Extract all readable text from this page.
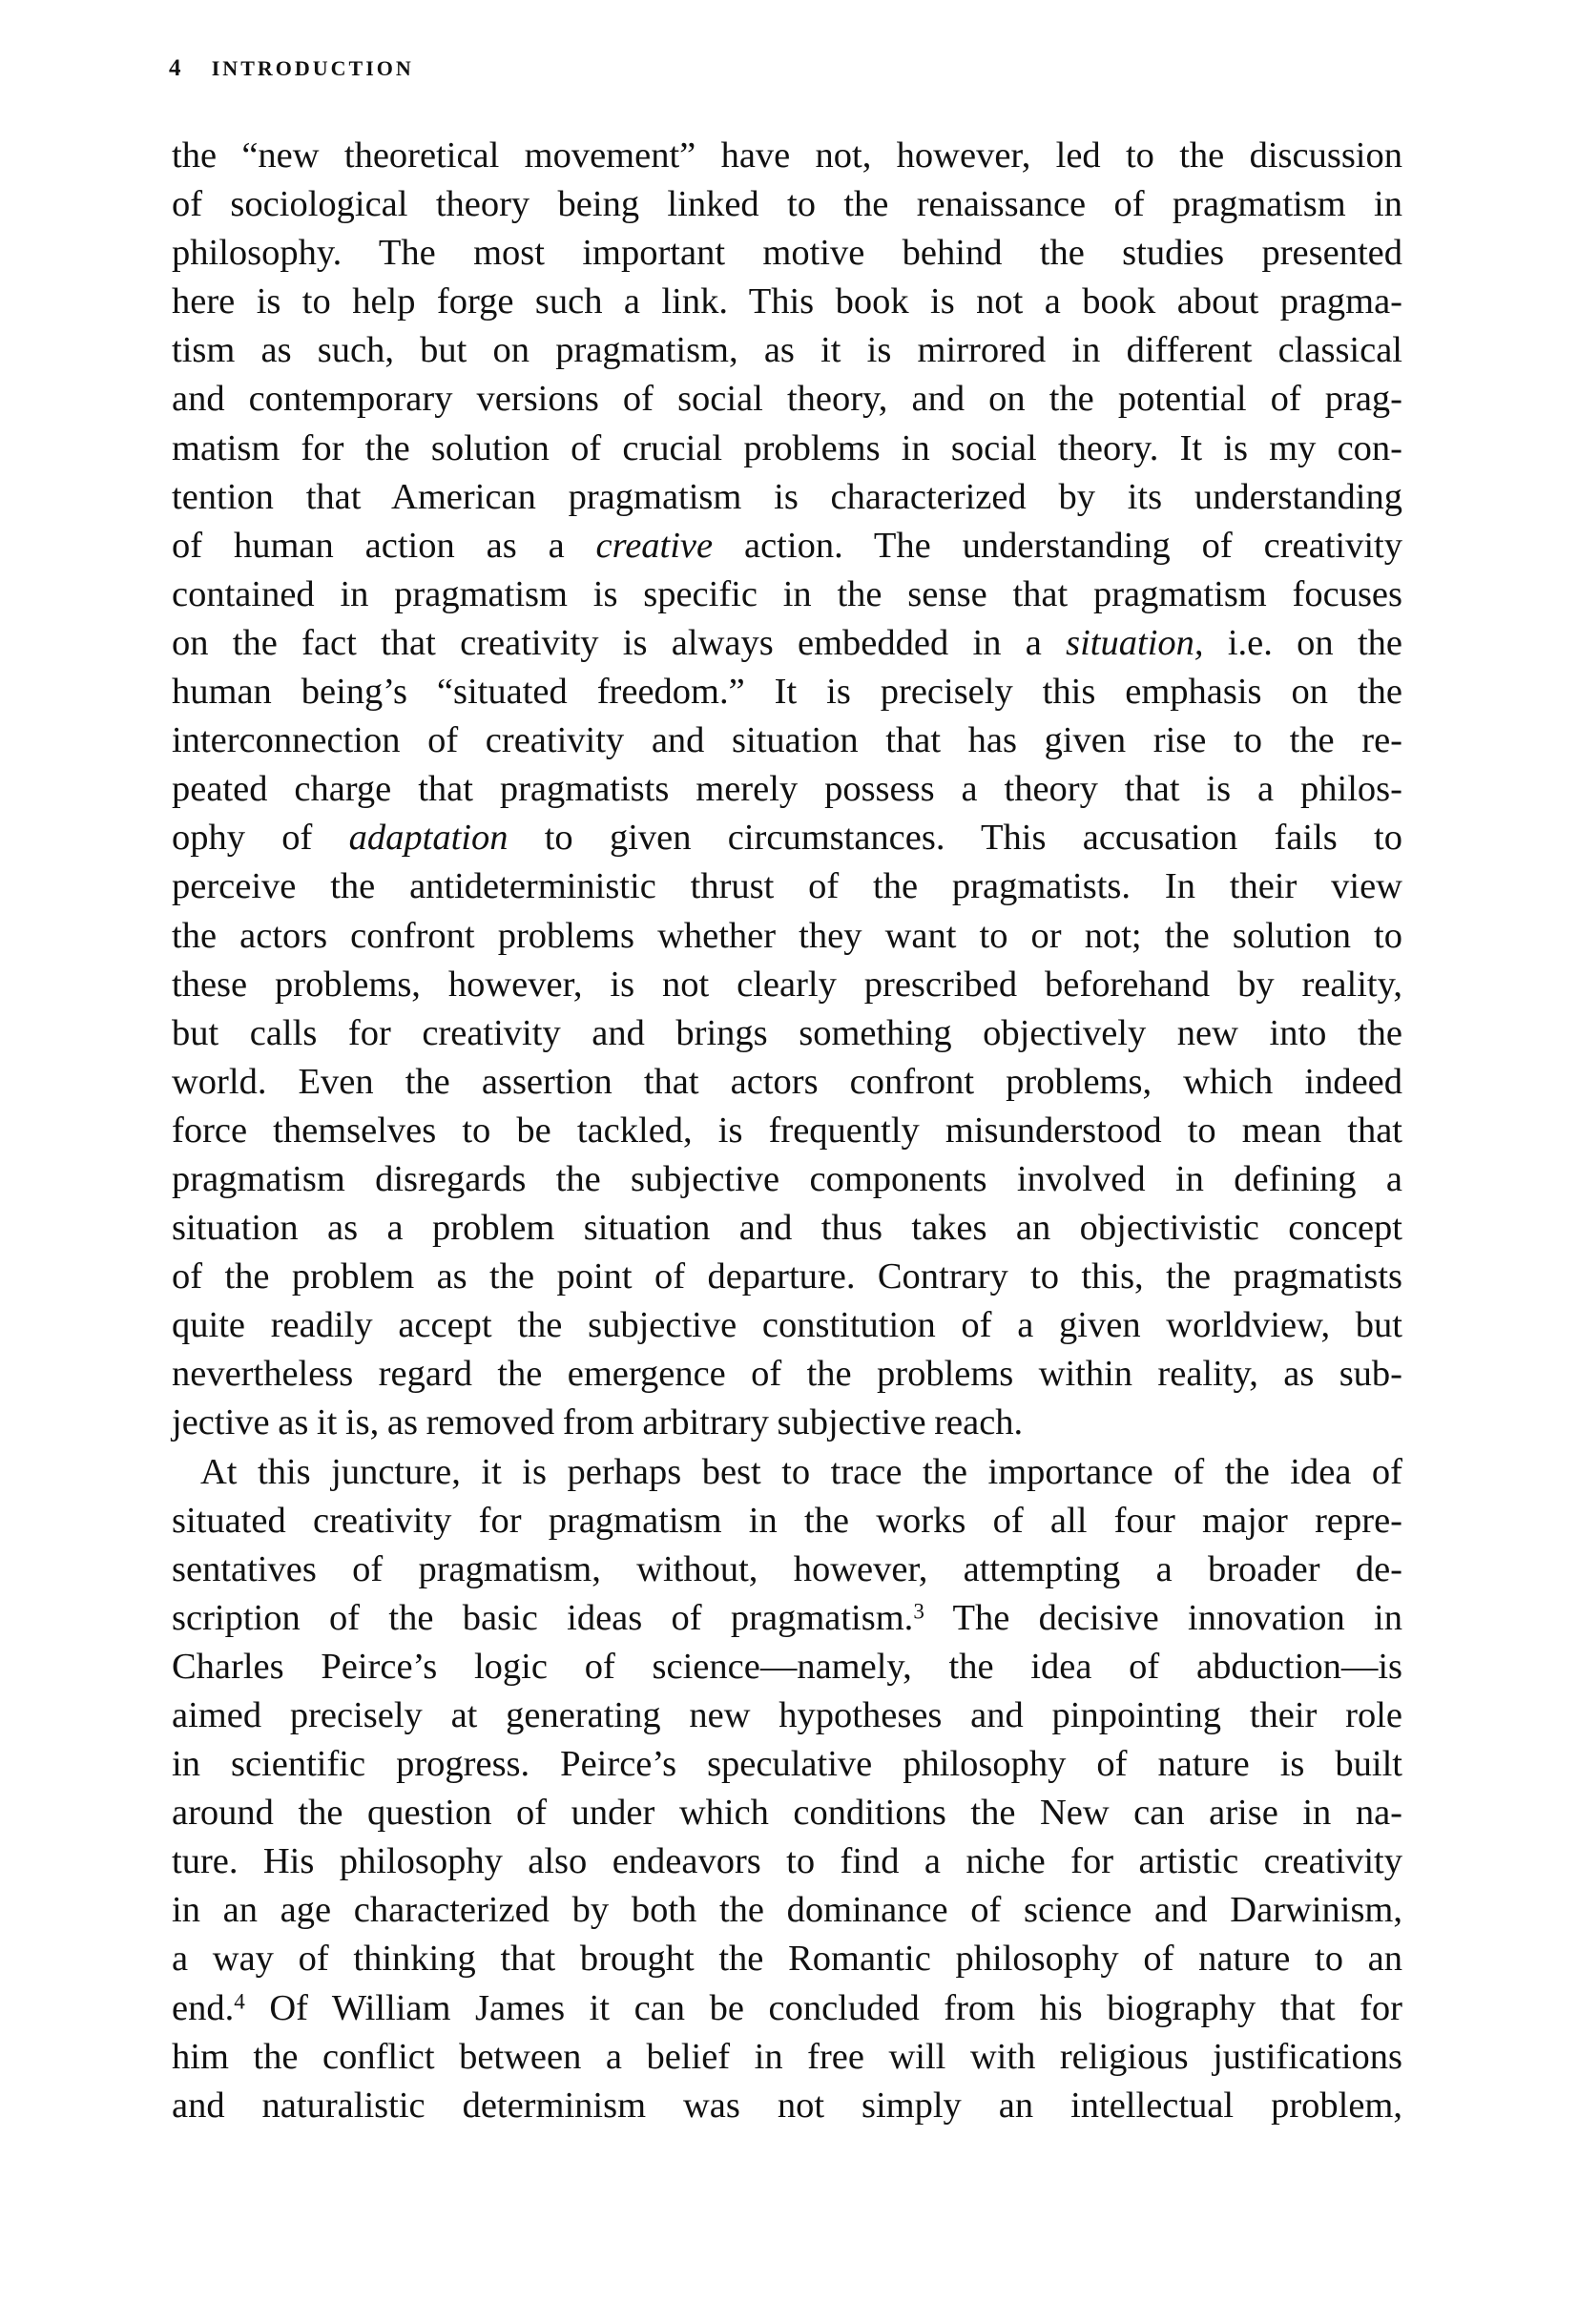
4 INTRODUCTION
the “new theoretical movement” have not, however, led to the discussion
of sociological theory being linked to the renaissance of pragmatism in
philosophy. The most important motive behind the studies presented
here is to help forge such a link. This book is not a book about pragma-
tism as such, but on pragmatism, as it is mirrored in different classical
and contemporary versions of social theory, and on the potential of prag-
matism for the solution of crucial problems in social theory. It is my con-
tention that American pragmatism is characterized by its understanding
of human action as a creative action. The understanding of creativity
contained in pragmatism is specific in the sense that pragmatism focuses
on the fact that creativity is always embedded in a situation, i.e. on the
human being’s “situated freedom.” It is precisely this emphasis on the
interconnection of creativity and situation that has given rise to the re-
peated charge that pragmatists merely possess a theory that is a philos-
ophy of adaptation to given circumstances. This accusation fails to
perceive the antideterministic thrust of the pragmatists. In their view
the actors confront problems whether they want to or not; the solution to
these problems, however, is not clearly prescribed beforehand by reality,
but calls for creativity and brings something objectively new into the
world. Even the assertion that actors confront problems, which indeed
force themselves to be tackled, is frequently misunderstood to mean that
pragmatism disregards the subjective components involved in defining a
situation as a problem situation and thus takes an objectivistic concept
of the problem as the point of departure. Contrary to this, the pragmatists
quite readily accept the subjective constitution of a given worldview, but
nevertheless regard the emergence of the problems within reality, as sub-
jective as it is, as removed from arbitrary subjective reach.
At this juncture, it is perhaps best to trace the importance of the idea of
situated creativity for pragmatism in the works of all four major repre-
sentatives of pragmatism, without, however, attempting a broader de-
scription of the basic ideas of pragmatism.$^3$ The decisive innovation in
Charles Peirce’s logic of science—namely, the idea of abduction—is
aimed precisely at generating new hypotheses and pinpointing their role
in scientific progress. Peirce’s speculative philosophy of nature is built
around the question of under which conditions the New can arise in na-
ture. His philosophy also endeavors to find a niche for artistic creativity
in an age characterized by both the dominance of science and Darwinism,
a way of thinking that brought the Romantic philosophy of nature to an
end.$^4$ Of William James it can be concluded from his biography that for
him the conflict between a belief in free will with religious justifications
and naturalistic determinism was not simply an intellectual problem,
